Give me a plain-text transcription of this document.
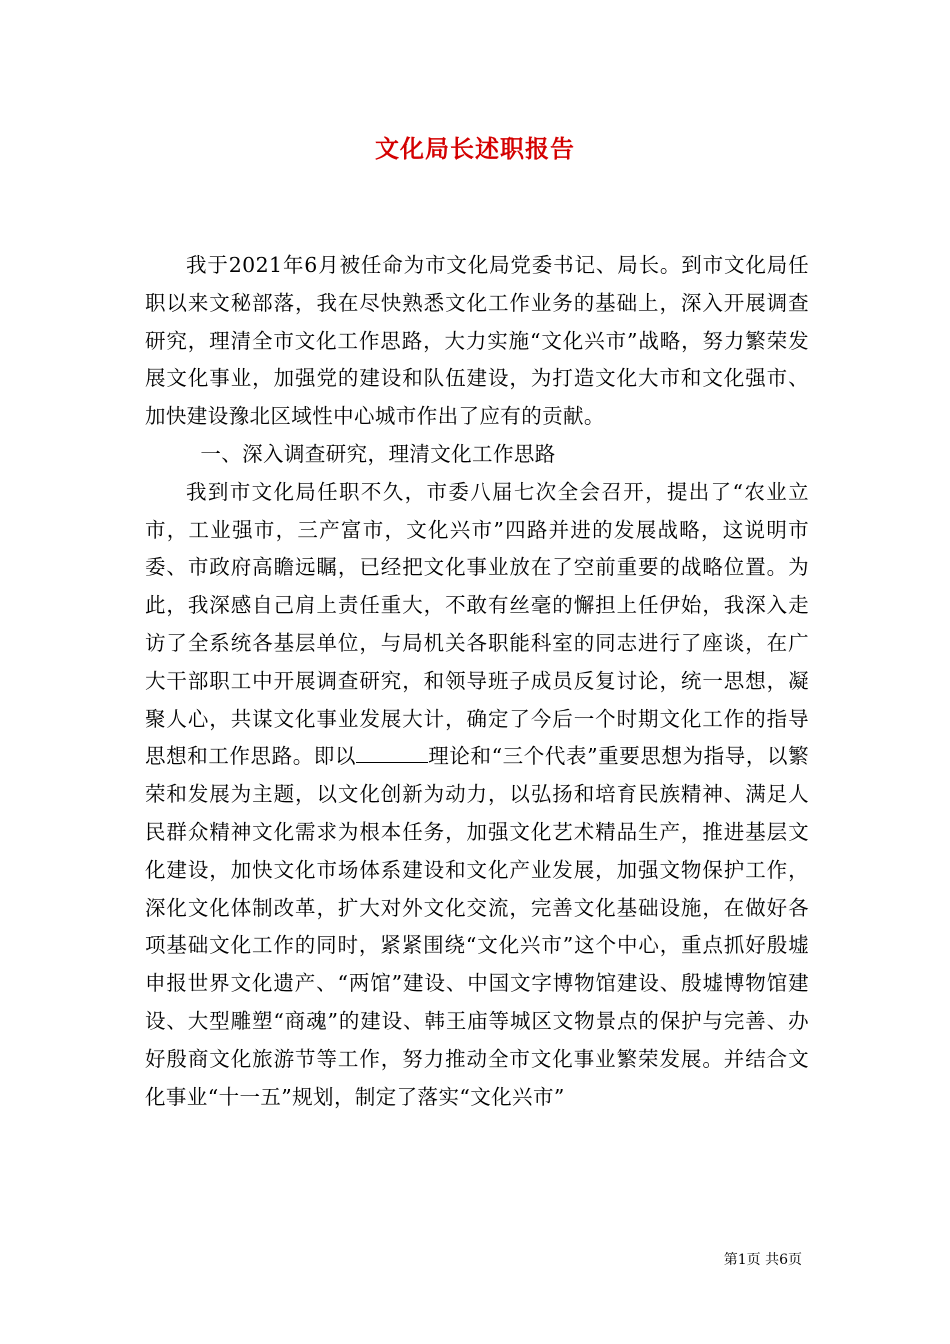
文化局长述职报告

我于2021年6月被任命为市文化局党委书记、局长。到市文化局任职以来文秘部落，我在尽快熟悉文化工作业务的基础上，深入开展调查研究，理清全市文化工作思路，大力实施“文化兴市”战略，努力繁荣发展文化事业，加强党的建设和队伍建设，为打造文化大市和文化强市、加快建设豫北区域性中心城市作出了应有的贡献。

一、深入调查研究，理清文化工作思路

我到市文化局任职不久，市委八届七次全会召开，提出了“农业立市，工业强市，三产富市，文化兴市”四路并进的发展战略，这说明市委、市政府高瞻远瞩，已经把文化事业放在了空前重要的战略位置。为此，我深感自己肩上责任重大，不敢有丝毫的懈担上任伊始，我深入走访了全系统各基层单位，与局机关各职能科室的同志进行了座谈，在广大干部职工中开展调查研究，和领导班子成员反复讨论，统一思想，凝聚人心，共谋文化事业发展大计，确定了今后一个时期文化工作的指导思想和工作思路。即以	理论和“三个代表”重要思想为指导，以繁荣和发展为主题，以文化创新为动力，以弘扬和培育民族精神、满足人民群众精神文化需求为根本任务，加强文化艺术精品生产，推进基层文化建设，加快文化市场体系建设和文化产业发展，加强文物保护工作，深化文化体制改革，扩大对外文化交流，完善文化基础设施，在做好各项基础文化工作的同时，紧紧围绕“文化兴市”这个中心，重点抓好殷墟申报世界文化遗产、“两馆”建设、中国文字博物馆建设、殷墟博物馆建设、大型雕塑“商魂”的建设、韩王庙等城区文物景点的保护与完善、办好殷商文化旅游节等工作，努力推动全市文化事业繁荣发展。并结合文化事业“十一五”规划，制定了落实“文化兴市”

第1页 共6页
